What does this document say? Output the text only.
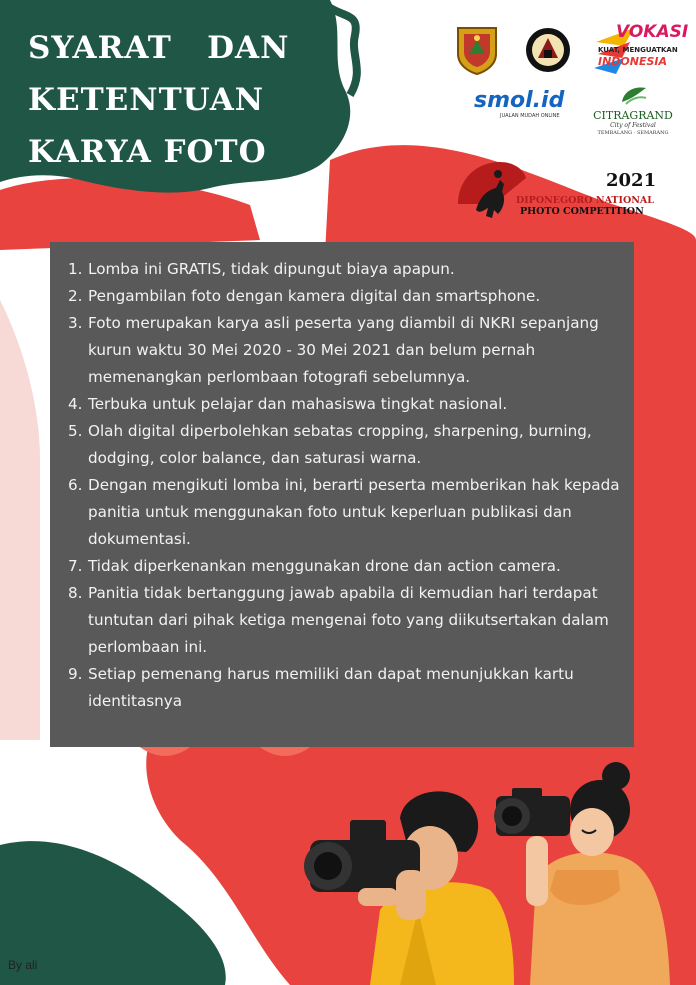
SYARAT   DAN
KETENTUAN
KARYA FOTO
VOKASI
KUAT, MENGUATKAN
INDONESIA
smol.id
JUALAN MUDAH ONLINE	CITRAGRAND
City of Festival
TEMBALANG · SEMARANG
2021
DIPONEGORO NATIONAL
PHOTO COMPETITION
1. Lomba ini GRATIS, tidak dipungut biaya apapun.
2. Pengambilan foto dengan kamera digital dan smartsphone.
3. Foto merupakan karya asli peserta yang diambil di NKRI sepanjang kurun waktu 30 Mei 2020 - 30 Mei 2021 dan belum pernah memenangkan perlombaan fotografi sebelumnya.
4. Terbuka untuk pelajar dan mahasiswa tingkat nasional.
5. Olah digital diperbolehkan sebatas cropping, sharpening, burning, dodging, color balance, dan saturasi warna.
6. Dengan mengikuti lomba ini, berarti peserta memberikan hak kepada panitia untuk menggunakan foto untuk keperluan publikasi dan dokumentasi.
7. Tidak diperkenankan menggunakan drone dan action camera.
8. Panitia tidak bertanggung jawab apabila di kemudian hari terdapat tuntutan dari pihak ketiga mengenai foto yang diikutsertakan dalam perlombaan ini.
9. Setiap pemenang harus memiliki dan dapat menunjukkan kartu identitasnya
By ali
